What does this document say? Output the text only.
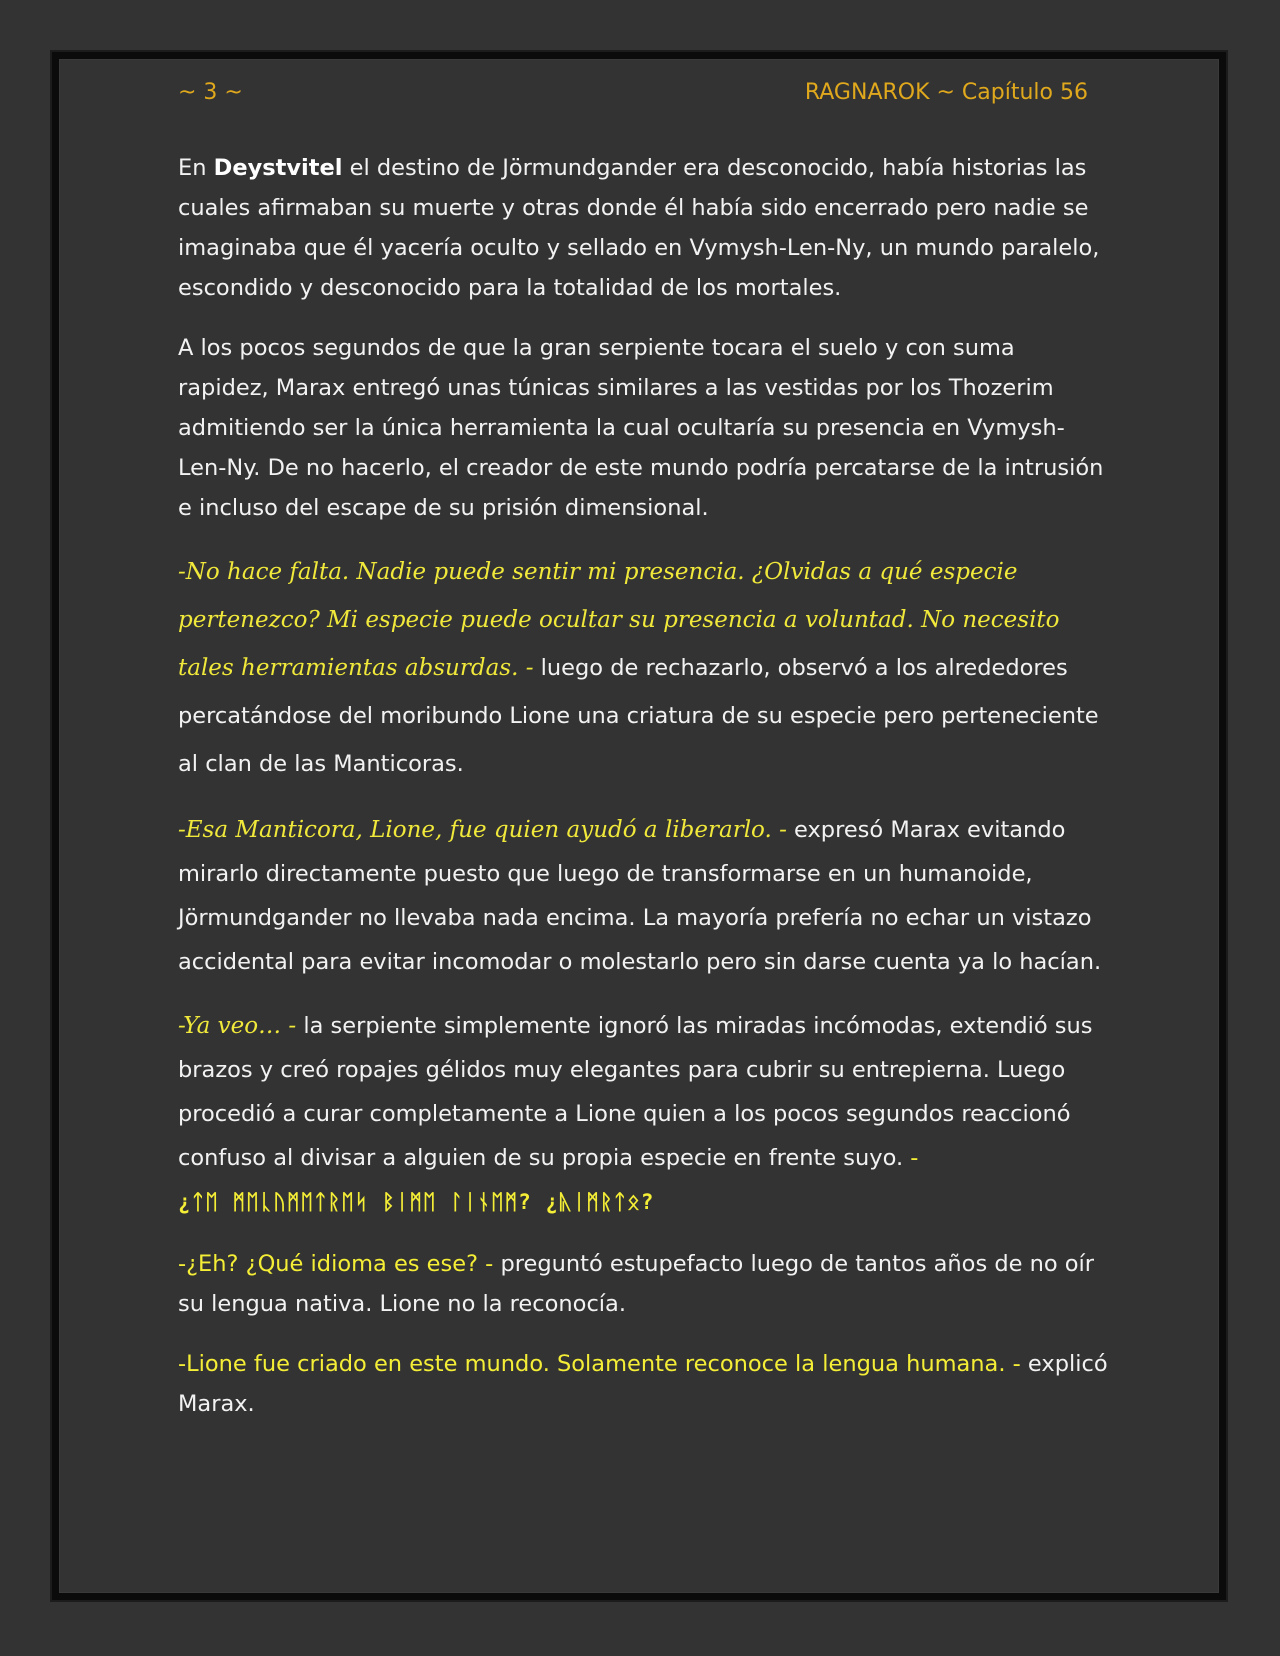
~ 3 ~	RAGNAROK ~ Capítulo 56

En Deystvitel el destino de Jörmundgander era desconocido, había historias las cuales afirmaban su muerte y otras donde él había sido encerrado pero nadie se imaginaba que él yacería oculto y sellado en Vymysh-Len-Ny, un mundo paralelo, escondido y desconocido para la totalidad de los mortales.

A los pocos segundos de que la gran serpiente tocara el suelo y con suma rapidez, Marax entregó unas túnicas similares a las vestidas por los Thozerim admitiendo ser la única herramienta la cual ocultaría su presencia en Vymysh-Len-Ny. De no hacerlo, el creador de este mundo podría percatarse de la intrusión e incluso del escape de su prisión dimensional.

-No hace falta. Nadie puede sentir mi presencia. ¿Olvidas a qué especie pertenezco? Mi especie puede ocultar su presencia a voluntad. No necesito tales herramientas absurdas. - luego de rechazarlo, observó a los alrededores percatándose del moribundo Lione una criatura de su especie pero perteneciente al clan de las Manticoras.

-Esa Manticora, Lione, fue quien ayudó a liberarlo. - expresó Marax evitando mirarlo directamente puesto que luego de transformarse en un humanoide, Jörmundgander no llevaba nada encima. La mayoría prefería no echar un vistazo accidental para evitar incomodar o molestarlo pero sin darse cuenta ya lo hacían.

-Ya veo… - la serpiente simplemente ignoró las miradas incómodas, extendió sus brazos y creó ropajes gélidos muy elegantes para cubrir su entrepierna. Luego procedió a curar completamente a Lione quien a los pocos segundos reaccionó confuso al divisar a alguien de su propia especie en frente suyo. -
¿ᛏᛖ ᛗᛖᚳᚢᛗᛖᛏᚱᛖᛋ ᛒᛁᛗᛖ ᛚᛁᚾᛖᛗ? ¿ᚣᛁᛗᚱᛏᛟ?

-¿Eh? ¿Qué idioma es ese? - preguntó estupefacto luego de tantos años de no oír su lengua nativa. Lione no la reconocía.

-Lione fue criado en este mundo. Solamente reconoce la lengua humana. - explicó Marax.
